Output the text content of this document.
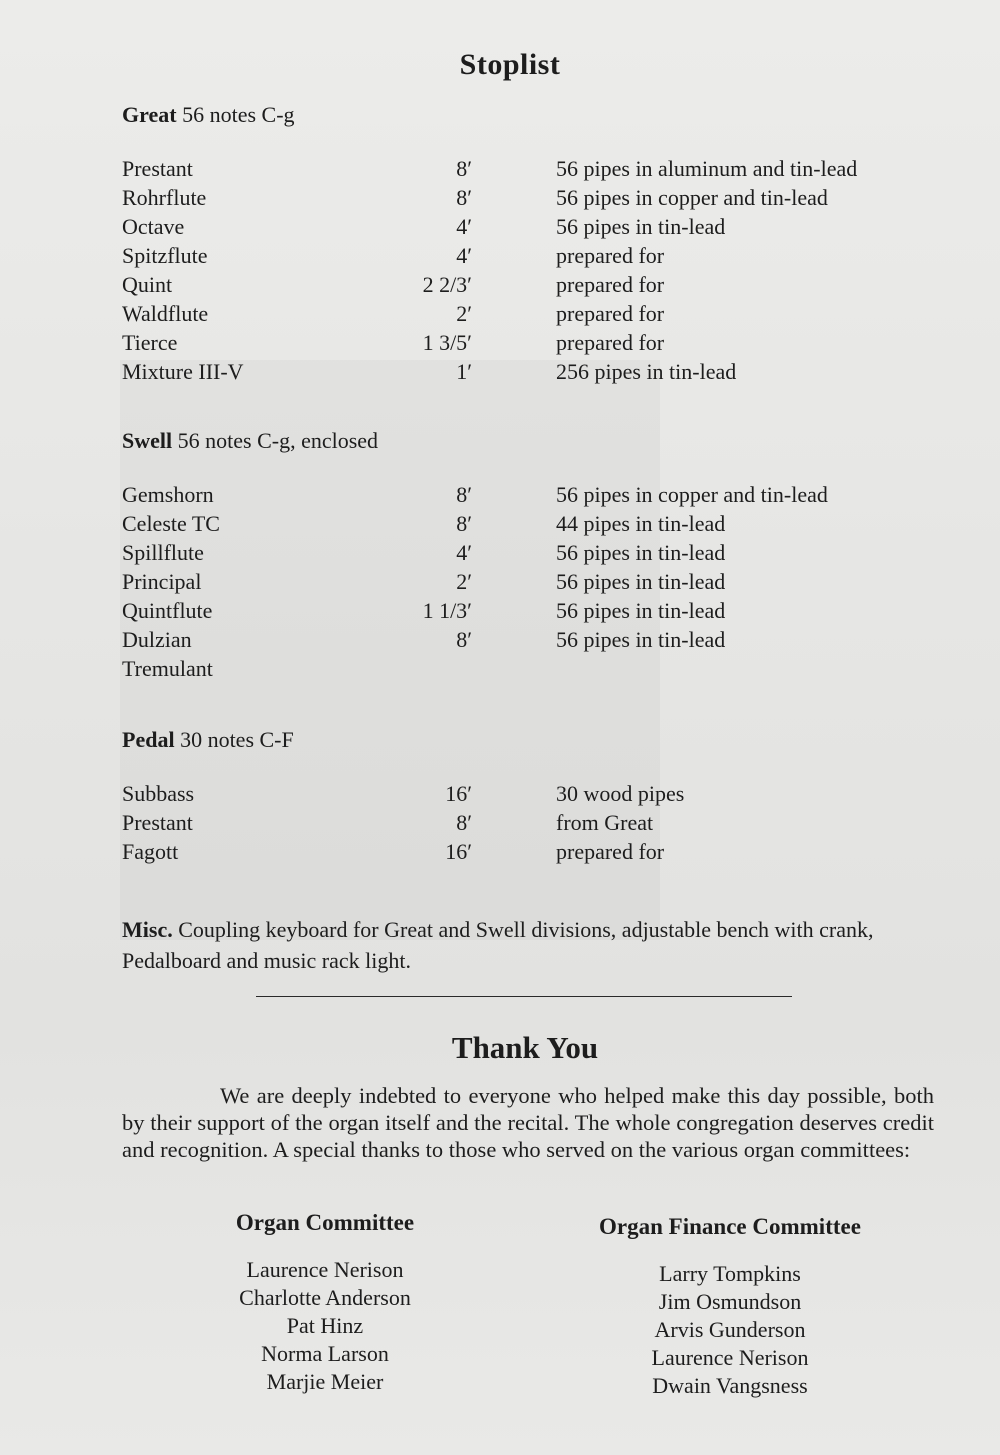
Stoplist
Great 56 notes C-g
Prestant	8′	56 pipes in aluminum and tin-lead
Rohrflute	8′	56 pipes in copper and tin-lead
Octave	4′	56 pipes in tin-lead
Spitzflute	4′	prepared for
Quint	2 2/3′	prepared for
Waldflute	2′	prepared for
Tierce	1 3/5′	prepared for
Mixture III-V	1′	256 pipes in tin-lead
Swell 56 notes C-g, enclosed
Gemshorn	8′	56 pipes in copper and tin-lead
Celeste TC	8′	44 pipes in tin-lead
Spillflute	4′	56 pipes in tin-lead
Principal	2′	56 pipes in tin-lead
Quintflute	1 1/3′	56 pipes in tin-lead
Dulzian	8′	56 pipes in tin-lead
Tremulant
Pedal 30 notes C-F
Subbass	16′	30 wood pipes
Prestant	8′	from Great
Fagott	16′	prepared for
Misc. Coupling keyboard for Great and Swell divisions, adjustable bench with crank, Pedalboard and music rack light.
Thank You
We are deeply indebted to everyone who helped make this day possible, both by their support of the organ itself and the recital. The whole congregation deserves credit and recognition. A special thanks to those who served on the various organ committees:
Organ Committee
Laurence Nerison
Charlotte Anderson
Pat Hinz
Norma Larson
Marjie Meier
Organ Finance Committee
Larry Tompkins
Jim Osmundson
Arvis Gunderson
Laurence Nerison
Dwain Vangsness
